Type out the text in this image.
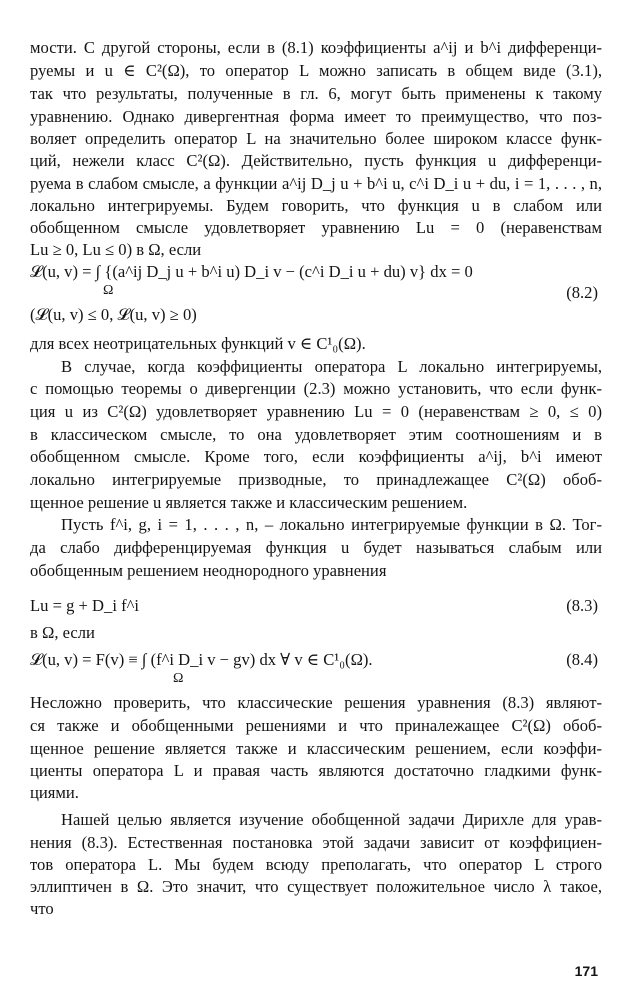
мости. С другой стороны, если в (8.1) коэффициенты a^ij и b^i дифференци-
руемы и u ∈ C²(Ω), то оператор L можно записать в общем виде (3.1),
так что результаты, полученные в гл. 6, могут быть применены к такому
уравнению. Однако дивергентная форма имеет то преимущество, что поз-
воляет определить оператор L на значительно более широком классе функ-
ций, нежели класс C²(Ω). Действительно, пусть функция u дифференци-
руема в слабом смысле, а функции a^ij D_j u + b^i u, c^i D_i u + du, i = 1, . . . , n,
локально интегрируемы. Будем говорить, что функция u в слабом или
обобщенном смысле удовлетворяет уравнению Lu = 0 (неравенствам
Lu ≥ 0, Lu ≤ 0) в Ω, если
𝓛(u, v) = ∫ {(a^ij D_j u + b^i u) D_i v − (c^i D_i u + du) v} dx = 0
Ω
(𝓛(u, v) ≤ 0, 𝓛(u, v) ≥ 0)
(8.2)
для всех неотрицательных функций v ∈ C¹₀(Ω).
В случае, когда коэффициенты оператора L локально интегрируемы,
с помощью теоремы о дивергенции (2.3) можно установить, что если функ-
ция u из C²(Ω) удовлетворяет уравнению Lu = 0 (неравенствам ≥ 0, ≤ 0)
в классическом смысле, то она удовлетворяет этим соотношениям и в
обобщенном смысле. Кроме того, если коэффициенты a^ij, b^i имеют
локально интегрируемые призводные, то принадлежащее C²(Ω) обоб-
щенное решение u является также и классическим решением.
Пусть f^i, g, i = 1, . . . , n, – локально интегрируемые функции в Ω. Тог-
да слабо дифференцируемая функция u будет называться слабым или
обобщенным решением неоднородного уравнения
Lu = g + D_i f^i	(8.3)
в Ω, если
𝓛(u, v) = F(v) ≡ ∫ (f^i D_i v − gv) dx ∀ v ∈ C¹₀(Ω).
Ω
(8.4)
Несложно проверить, что классические решения уравнения (8.3) являют-
ся также и обобщенными решениями и что приналежащее C²(Ω) обоб-
щенное решение является также и классическим решением, если коэффи-
циенты оператора L и правая часть являются достаточно гладкими функ-
циями.
Нашей целью является изучение обобщенной задачи Дирихле для урав-
нения (8.3). Естественная постановка этой задачи зависит от коэффициен-
тов оператора L. Мы будем всюду преполагать, что оператор L строго
эллиптичен в Ω. Это значит, что существует положительное число λ такое,
что
171
